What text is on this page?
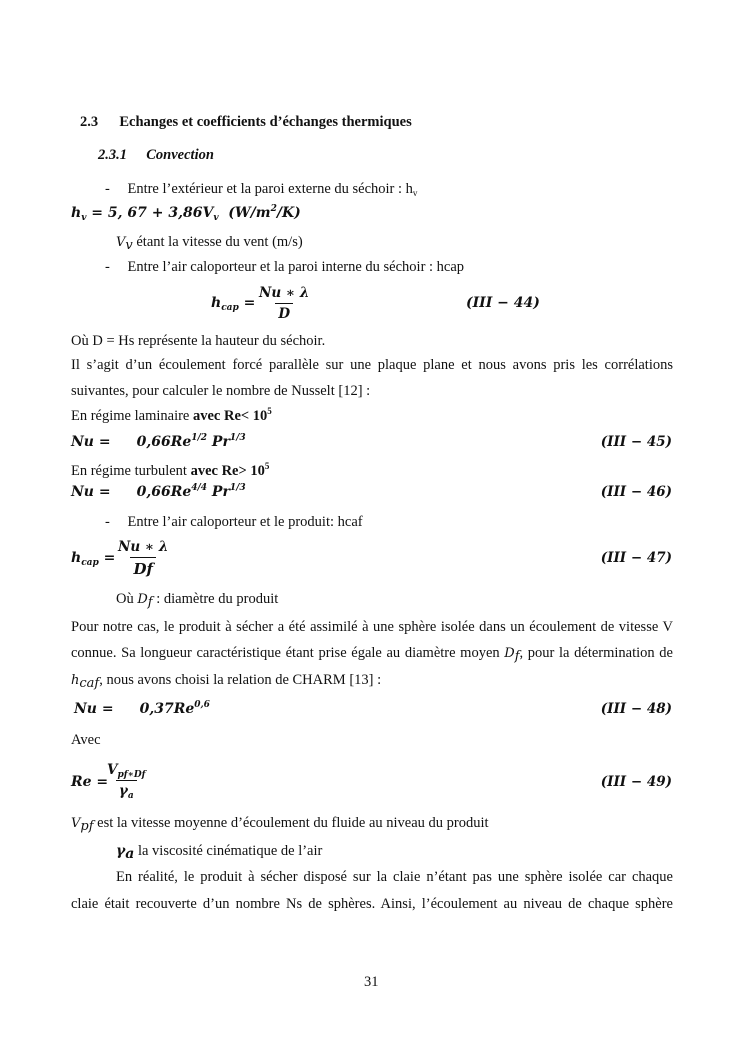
2.3 Echanges et coefficients d’échanges thermiques
2.3.1 Convection
- Entre l’extérieur et la paroi externe du séchoir : $h_v$
$h_v = 5$, $67 + 3,86V_v$  $(W/m^2/K)$
$V_v$ étant la vitesse du vent (m/s)
- Entre l’air caloporteur et la paroi interne du séchoir : hcap
$h_{cap} = \frac{Nu ∗ \lambda}{D}$	(III − 44)
Où D = Hs représente la hauteur du séchoir.
Il s’agit d’un écoulement forcé parallèle sur une plaque plane et nous avons pris les corrélations
suivantes, pour calculer le nombre de Nusselt [12] :
En régime laminaire avec $Re< 10^5$
$Nu = 0,66Re^{1/2}$ $Pr^{1/3}$	(III − 45)
En régime turbulent avec $Re> 10^5$
$Nu = 0,66Re^{4/4}$ $Pr^{1/3}$	(III − 46)
- Entre l’air caloporteur et le produit: hcaf
$h_{cap} = \frac{Nu ∗ \lambda}{Df}$	(III − 47)
Où $D_f$ : diamètre du produit
Pour notre cas, le produit à sécher a été assimilé à une sphère isolée dans un écoulement de vitesse V
connue. Sa longueur caractéristique étant prise égale au diamètre moyen $D_f$, pour la détermination de
$h_{caf}$, nous avons choisi la relation de CHARM [13] :
Nu = 0,37Re$^{0,6}$	(III − 48)
Avec
Re =
$V_{pf∗Df}$
$\gamma_a$
(III − 49)
$V_{pf}$ est la vitesse moyenne d’écoulement du fluide au niveau du produit
$\gamma_a$ la viscosité cinématique de l’air
En réalité, le produit à sécher disposé sur la claie n’étant pas une sphère isolée car chaque
claie était recouverte d’un nombre Ns de sphères. Ainsi, l’écoulement au niveau de chaque sphère
31
